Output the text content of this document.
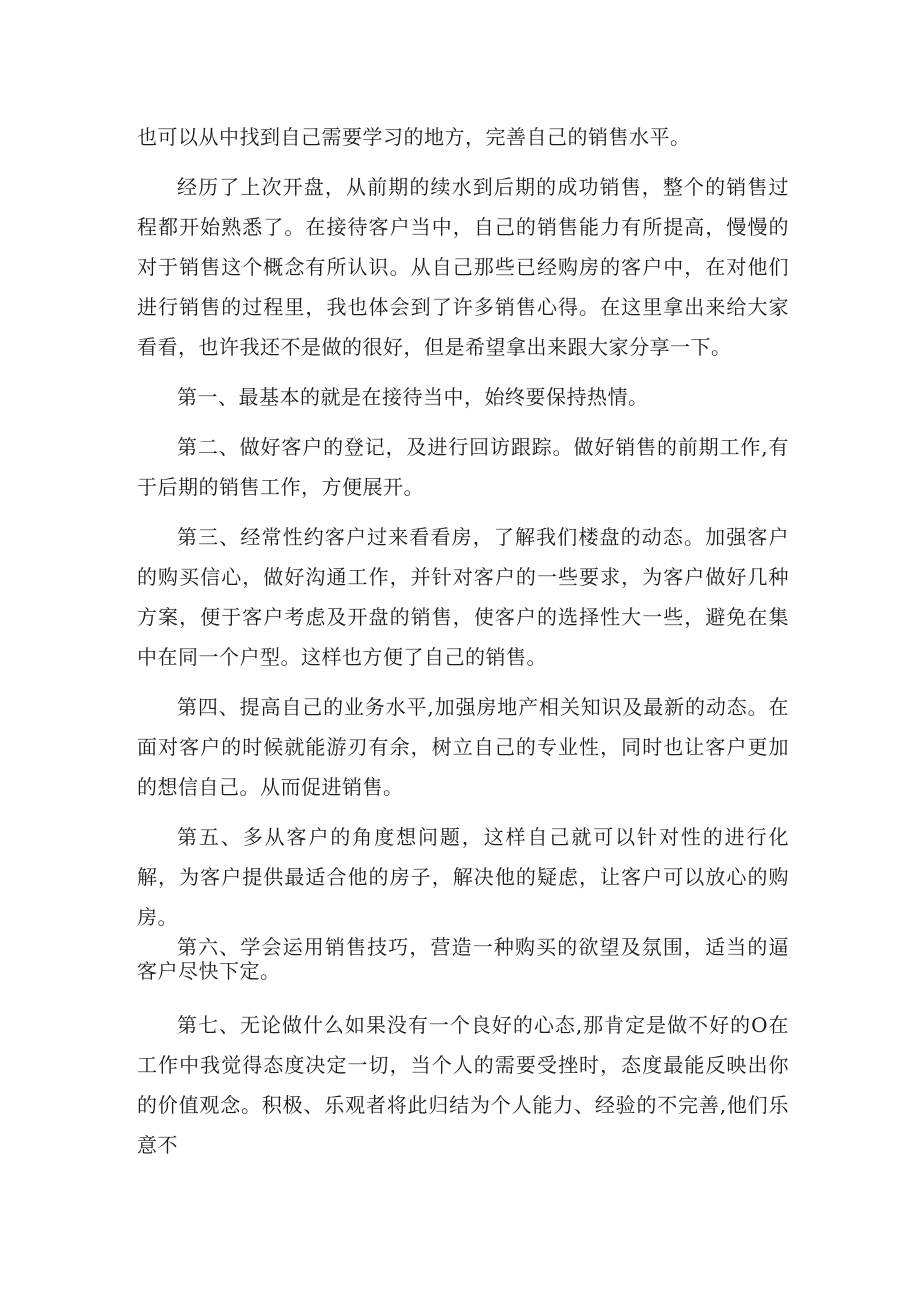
也可以从中找到自己需要学习的地方，完善自己的销售水平。

经历了上次开盘，从前期的续水到后期的成功销售，整个的销售过程都开始熟悉了。在接待客户当中，自己的销售能力有所提高，慢慢的对于销售这个概念有所认识。从自己那些已经购房的客户中，在对他们进行销售的过程里，我也体会到了许多销售心得。在这里拿出来给大家看看，也许我还不是做的很好，但是希望拿出来跟大家分享一下。

第一、最基本的就是在接待当中，始终要保持热情。

第二、做好客户的登记，及进行回访跟踪。做好销售的前期工作,有于后期的销售工作，方便展开。

第三、经常性约客户过来看看房，了解我们楼盘的动态。加强客户的购买信心，做好沟通工作，并针对客户的一些要求，为客户做好几种方案，便于客户考虑及开盘的销售，使客户的选择性大一些，避免在集中在同一个户型。这样也方便了自己的销售。

第四、提高自己的业务水平,加强房地产相关知识及最新的动态。在面对客户的时候就能游刃有余，树立自己的专业性，同时也让客户更加的想信自己。从而促进销售。

第五、多从客户的角度想问题，这样自己就可以针对性的进行化解，为客户提供最适合他的房子，解决他的疑虑，让客户可以放心的购房。

第六、学会运用销售技巧，营造一种购买的欲望及氛围，适当的逼客户尽快下定。

第七、无论做什么如果没有一个良好的心态,那肯定是做不好的O在工作中我觉得态度决定一切，当个人的需要受挫时，态度最能反映出你的价值观念。积极、乐观者将此归结为个人能力、经验的不完善,他们乐意不
